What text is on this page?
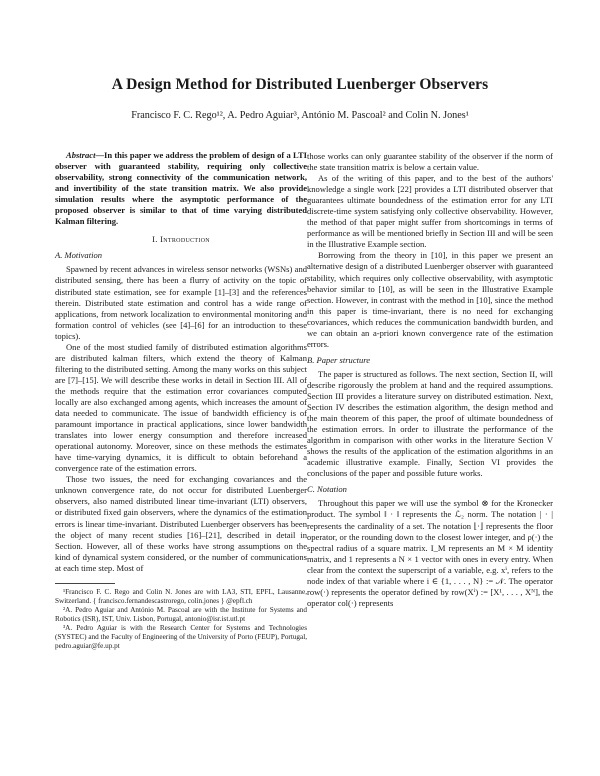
A Design Method for Distributed Luenberger Observers
Francisco F. C. Rego¹², A. Pedro Aguiar³, António M. Pascoal² and Colin N. Jones¹

Abstract—In this paper we address the problem of design of a LTI observer with guaranteed stability, requiring only collective observability, strong connectivity of the communication network, and invertibility of the state transition matrix. We also provide simulation results where the asymptotic performance of the proposed observer is similar to that of time varying distributed Kalman filtering.

I. Introduction
A. Motivation

Spawned by recent advances in wireless sensor networks (WSNs) and distributed sensing, there has been a flurry of activity on the topic of distributed state estimation, see for example [1]–[3] and the references therein. Distributed state estimation and control has a wide range of applications, from network localization to environmental monitoring and formation control of vehicles (see [4]–[6] for an introduction to these topics).

One of the most studied family of distributed estimation algorithms are distributed kalman filters, which extend the theory of Kalman filtering to the distributed setting. Among the many works on this subject are [7]–[15]. We will describe these works in detail in Section III. All of the methods require that the estimation error covariances computed locally are also exchanged among agents, which increases the amount of data needed to communicate. The issue of bandwidth efficiency is of paramount importance in practical applications, since lower bandwidth translates into lower energy consumption and therefore increased operational autonomy. Moreover, since on these methods the estimates have time-varying dynamics, it is difficult to obtain beforehand a convergence rate of the estimation errors.

Those two issues, the need for exchanging covariances and the unknown convergence rate, do not occur for distributed Luenberger observers, also named distributed linear time-invariant (LTI) observers, or distributed fixed gain observers, where the dynamics of the estimation errors is linear time-invariant. Distributed Luenberger observers has been the object of many recent studies [16]–[21], described in detail in Section. However, all of these works have strong assumptions on the kind of dynamical system considered, or the number of communications at each time step. Most of

¹Francisco F. C. Rego and Colin N. Jones are with LA3, STI, EPFL, Lausanne, Switzerland. { francisco.fernandescastrorego, colin.jones } @epfl.ch

²A. Pedro Aguiar and António M. Pascoal are with the Institute for Systems and Robotics (ISR), IST, Univ. Lisbon, Portugal, antonio@isr.ist.utl.pt

³A. Pedro Aguiar is with the Research Center for Systems and Technologies (SYSTEC) and the Faculty of Engineering of the University of Porto (FEUP), Portugal, pedro.aguiar@fe.up.pt

those works can only guarantee stability of the observer if the norm of the state transition matrix is below a certain value.

As of the writing of this paper, and to the best of the authors' knowledge a single work [22] provides a LTI distributed observer that guarantees ultimate boundedness of the estimation error for any LTI discrete-time system satisfying only collective observability. However, the method of that paper might suffer from shortcomings in terms of performance as will be mentioned briefly in Section III and will be seen in the Illustrative Example section.

Borrowing from the theory in [10], in this paper we present an alternative design of a distributed Luenberger observer with guaranteed stability, which requires only collective observability, with asymptotic behavior similar to [10], as will be seen in the Illustrative Example section. However, in contrast with the method in [10], since the method in this paper is time-invariant, there is no need for exchanging covariances, which reduces the communication bandwidth burden, and we can obtain an a-priori known convergence rate of the estimation errors.

B. Paper structure

The paper is structured as follows. The next section, Section II, will describe rigorously the problem at hand and the required assumptions. Section III provides a literature survey on distributed estimation. Next, Section IV describes the estimation algorithm, the design method and the main theorem of this paper, the proof of ultimate boundedness of the estimation errors. In order to illustrate the performance of the algorithm in comparison with other works in the literature Section V shows the results of the application of the estimation algorithms in an academic illustrative example. Finally, Section VI provides the conclusions of the paper and possible future works.

C. Notation

Throughout this paper we will use the symbol ⊗ for the Kronecker product. The symbol ‖ · ‖ represents the ℒ₂ norm. The notation | · | represents the cardinality of a set. The notation ⌊·⌋ represents the floor operator, or the rounding down to the closest lower integer, and ρ(·) the spectral radius of a square matrix. I_M represents an M × M identity matrix, and 1 represents a N × 1 vector with ones in every entry. When clear from the context the superscript of a variable, e.g. xⁱ, refers to the node index of that variable where i ∈ {1, . . . , N} := 𝒩. The operator row(·) represents the operator defined by row(Xⁱ) := [X¹, . . . , Xᴺ], the operator col(·) represents
